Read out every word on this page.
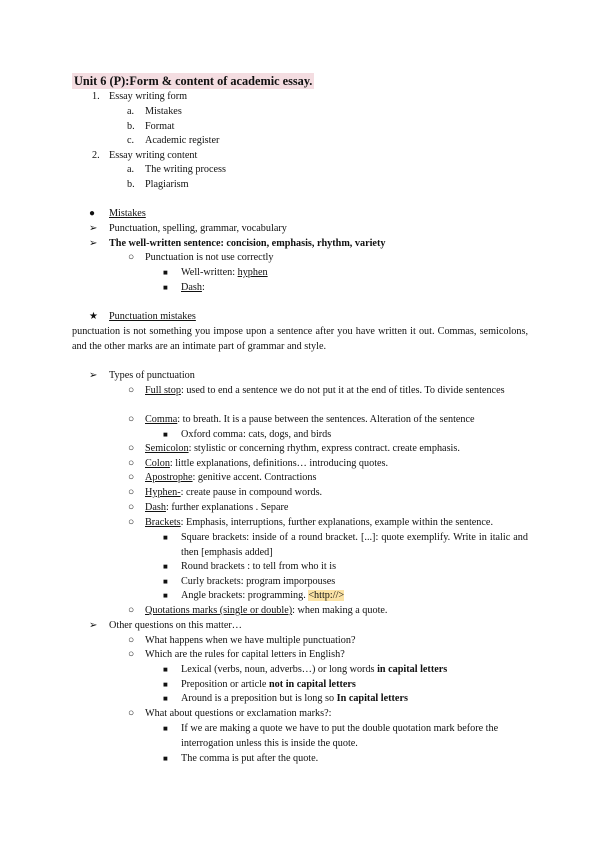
Unit 6 (P):Form & content of academic essay.
1. Essay writing form
a. Mistakes
b. Format
c. Academic register
2. Essay writing content
a. The writing process
b. Plagiarism
● Mistakes
➢ Punctuation, spelling, grammar, vocabulary
➢ The well-written sentence: concision, emphasis, rhythm, variety
○ Punctuation is not use correctly
■ Well-written: hyphen
■ Dash:
★ Punctuation mistakes
punctuation is not something you impose upon a sentence after you have written it out. Commas, semicolons, and the other marks are an intimate part of grammar and style.
➢ Types of punctuation
○ Full stop: used to end a sentence we do not put it at the end of titles. To divide sentences
○ Comma: to breath. It is a pause between the sentences. Alteration of the sentence
■ Oxford comma: cats, dogs, and birds
○ Semicolon: stylistic or concerning rhythm, express contract. create emphasis.
○ Colon: little explanations, definitions… introducing quotes.
○ Apostrophe: genitive accent. Contractions
○ Hyphen-: create pause in compound words.
○ Dash: further explanations . Separe
○ Brackets: Emphasis, interruptions, further explanations, example within the sentence.
■ Square brackets: inside of a round bracket. [...]: quote exemplify. Write in italic and then [emphasis added]
■ Round brackets : to tell from who it is
■ Curly brackets: program imporpouses
■ Angle brackets: programming. <http://>
○ Quotations marks (single or double): when making a quote.
➢ Other questions on this matter…
○ What happens when we have multiple punctuation?
○ Which are the rules for capital letters in English?
■ Lexical (verbs, noun, adverbs…) or long words in capital letters
■ Preposition or article not in capital letters
■ Around is a preposition but is long so In capital letters
○ What about questions or exclamation marks?:
■ If we are making a quote we have to put the double quotation mark before the interrogation unless this is inside the quote.
■ The comma is put after the quote.
